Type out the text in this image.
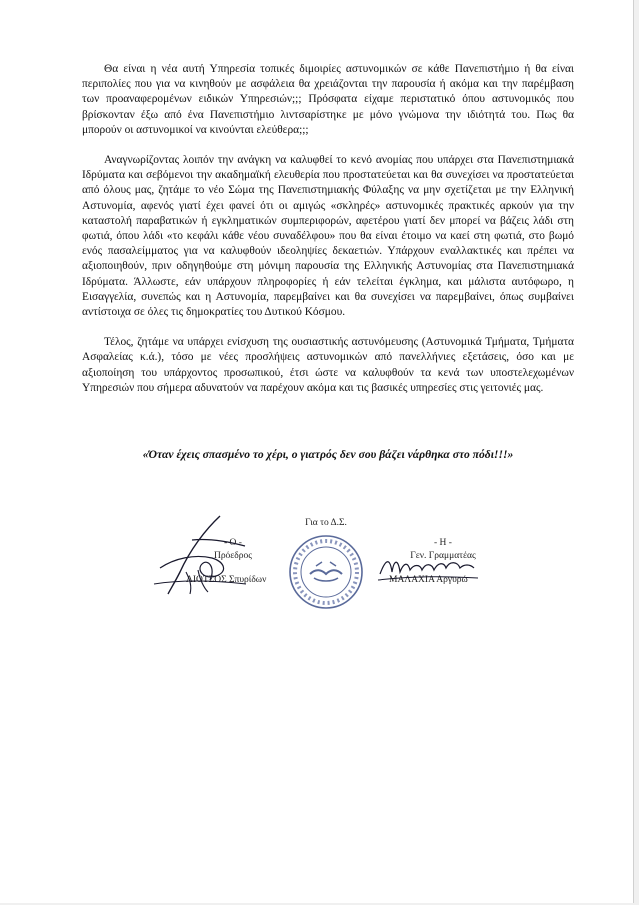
Θα είναι η νέα αυτή Υπηρεσία τοπικές διμοιρίες αστυνομικών σε κάθε Πανεπιστήμιο ή θα είναι περιπολίες που για να κινηθούν με ασφάλεια θα χρειάζονται την παρουσία ή ακόμα και την παρέμβαση των προαναφερομένων ειδικών Υπηρεσιών;;; Πρόσφατα είχαμε περιστατικό όπου αστυνομικός που βρίσκονταν έξω από ένα Πανεπιστήμιο λιντσαρίστηκε με μόνο γνώμονα την ιδιότητά του. Πως θα μπορούν οι αστυνομικοί να κινούνται ελεύθερα;;;

Αναγνωρίζοντας λοιπόν την ανάγκη να καλυφθεί το κενό ανομίας που υπάρχει στα Πανεπιστημιακά Ιδρύματα και σεβόμενοι την ακαδημαϊκή ελευθερία που προστατεύεται και θα συνεχίσει να προστατεύεται από όλους μας, ζητάμε το νέο Σώμα της Πανεπιστημιακής Φύλαξης να μην σχετίζεται με την Ελληνική Αστυνομία, αφενός γιατί έχει φανεί ότι οι αμιγώς «σκληρές» αστυνομικές πρακτικές αρκούν για την καταστολή παραβατικών ή εγκληματικών συμπεριφορών, αφετέρου γιατί δεν μπορεί να βάζεις λάδι στη φωτιά, όπου λάδι «το κεφάλι κάθε νέου συναδέλφου» που θα είναι έτοιμο να καεί στη φωτιά, στο βωμό ενός πασαλείμματος για να καλυφθούν ιδεοληψίες δεκαετιών. Υπάρχουν εναλλακτικές και πρέπει να αξιοποιηθούν, πριν οδηγηθούμε στη μόνιμη παρουσία της Ελληνικής Αστυνομίας στα Πανεπιστημιακά Ιδρύματα. Άλλωστε, εάν υπάρχουν πληροφορίες ή εάν τελείται έγκλημα, και μάλιστα αυτόφωρο, η Εισαγγελία, συνεπώς και η Αστυνομία, παρεμβαίνει και θα συνεχίσει να παρεμβαίνει, όπως συμβαίνει αντίστοιχα σε όλες τις δημοκρατίες του Δυτικού Κόσμου.

Τέλος, ζητάμε να υπάρχει ενίσχυση της ουσιαστικής αστυνόμευσης (Αστυνομικά Τμήματα, Τμήματα Ασφαλείας κ.ά.), τόσο με νέες προσλήψεις αστυνομικών από πανελλήνιες εξετάσεις, όσο και με αξιοποίηση του υπάρχοντος προσωπικού, έτσι ώστε να καλυφθούν τα κενά των υποστελεχωμένων Υπηρεσιών που σήμερα αδυνατούν να παρέχουν ακόμα και τις βασικές υπηρεσίες στις γειτονιές μας.

«Όταν έχεις σπασμένο το χέρι, ο γιατρός δεν σου βάζει νάρθηκα στο πόδι!!!»
- Ο -
Πρόεδρος
ΛΙΟΤΣΟΣ Σπυρίδων
Για το Δ.Σ.
- Η -
Γεν. Γραμματέας
ΜΑΛΑΧΙΑ Αργυρώ
